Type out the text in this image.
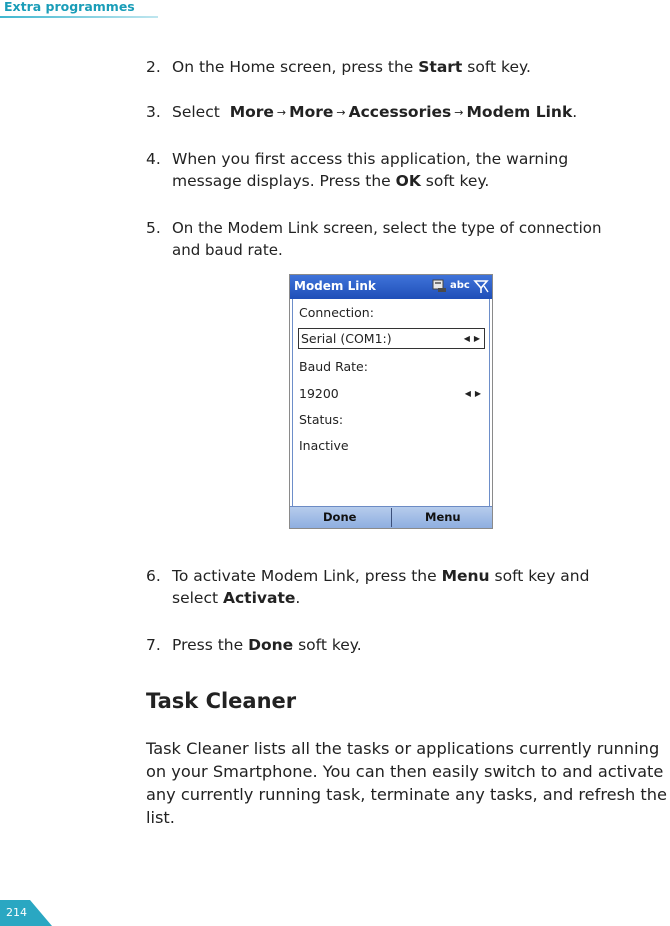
Extra programmes
2. On the Home screen, press the Start soft key.
3. Select More → More → Accessories → Modem Link.
4. When you first access this application, the warning
message displays. Press the OK soft key.
5. On the Modem Link screen, select the type of connection
and baud rate.
6. To activate Modem Link, press the Menu soft key and
select Activate.
7. Press the Done soft key.
Modem Link	abc
Connection:
Serial (COM1:)	◀▶
Baud Rate:
19200	◀▶
Status:
Inactive
Done	Menu
Task Cleaner
Task Cleaner lists all the tasks or applications currently running on your Smartphone. You can then easily switch to and activate any currently running task, terminate any tasks, and refresh the list.
214
